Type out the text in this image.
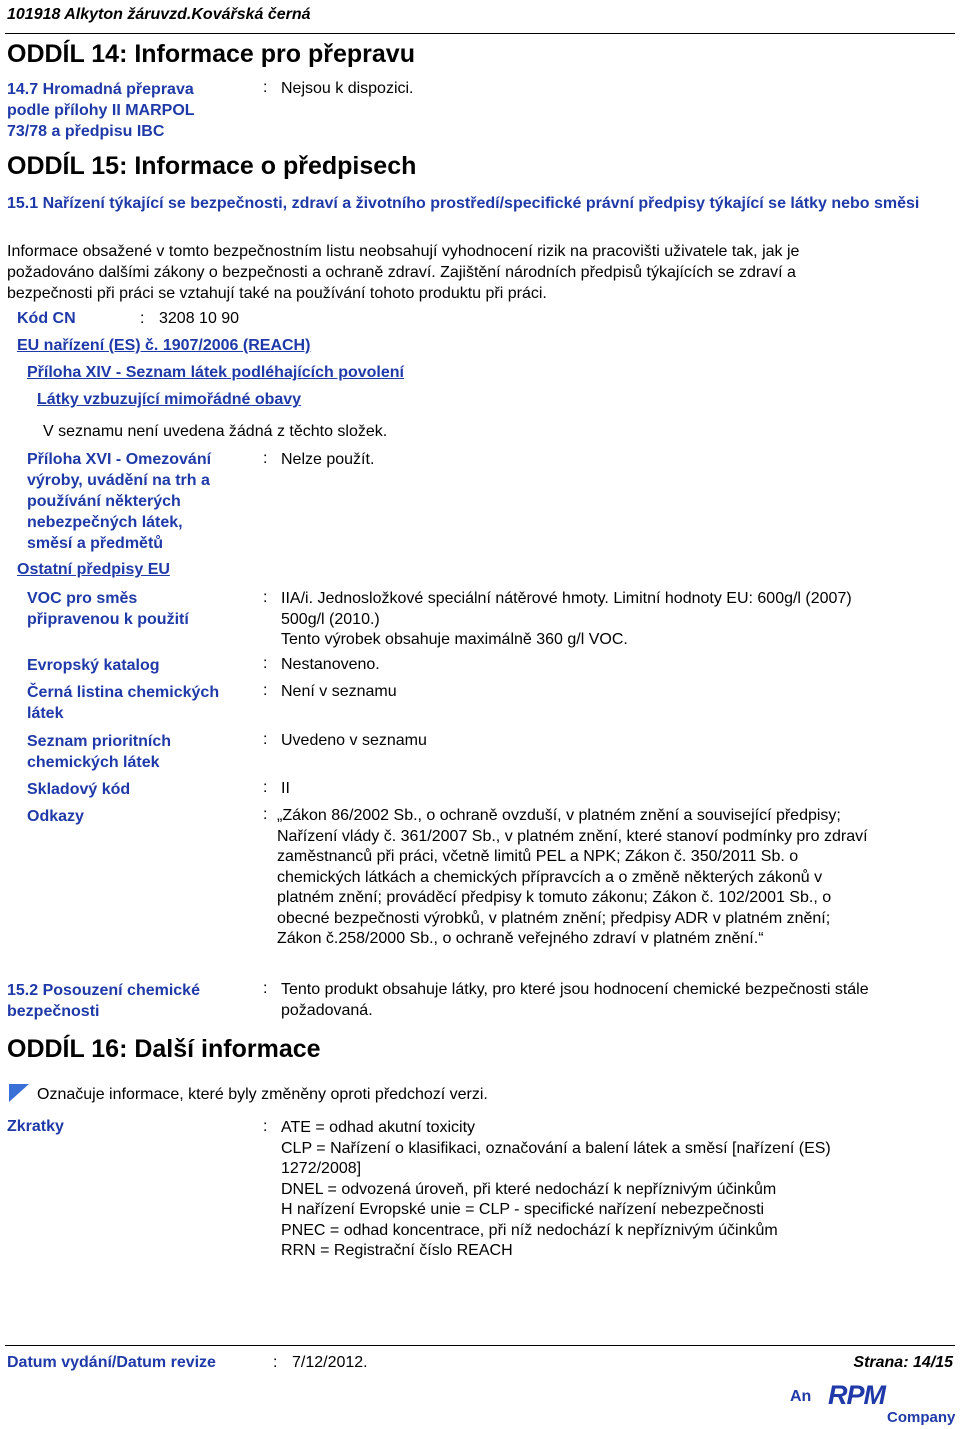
101918 Alkyton žáruvzd.Kovářská černá
ODDÍL 14: Informace pro přepravu
14.7 Hromadná přeprava
podle přílohy II MARPOL
73/78 a předpisu IBC
: Nejsou k dispozici.
ODDÍL 15: Informace o předpisech
15.1 Nařízení týkající se bezpečnosti, zdraví a životního prostředí/specifické právní předpisy týkající se látky nebo směsi
Informace obsažené v tomto bezpečnostním listu neobsahují vyhodnocení rizik na pracovišti uživatele tak, jak je
požadováno dalšími zákony o bezpečnosti a ochraně zdraví. Zajištění národních předpisů týkajících se zdraví a
bezpečnosti při práci se vztahují také na používání tohoto produktu při práci.
Kód CN	: 3208 10 90
EU nařízení (ES) č. 1907/2006 (REACH)
Příloha XIV - Seznam látek podléhajících povolení
Látky vzbuzující mimořádné obavy
V seznamu není uvedena žádná z těchto složek.
Příloha XVI - Omezování
výroby, uvádění na trh a
používání některých
nebezpečných látek,
směsí a předmětů
: Nelze použít.
Ostatní předpisy EU
VOC pro směs
připravenou k použití
: IIA/i. Jednosložkové speciální nátěrové hmoty. Limitní hodnoty EU: 600g/l (2007)
500g/l (2010.)
Tento výrobek obsahuje maximálně 360 g/l VOC.
Evropský katalog	: Nestanoveno.
Černá listina chemických
látek
: Není v seznamu
Seznam prioritních
chemických látek
: Uvedeno v seznamu
Skladový kód	: II
Odkazy	: „Zákon 86/2002 Sb., o ochraně ovzduší, v platném znění a související předpisy;
Nařízení vlády č. 361/2007 Sb., v platném znění, které stanoví podmínky pro zdraví
zaměstnanců při práci, včetně limitů PEL a NPK; Zákon č. 350/2011 Sb. o
chemických látkách a chemických přípravcích a o změně některých zákonů v
platném znění; prováděcí předpisy k tomuto zákonu; Zákon č. 102/2001 Sb., o
obecné bezpečnosti výrobků, v platném znění; předpisy ADR v platném znění;
Zákon č.258/2000 Sb., o ochraně veřejného zdraví v platném znění.“
15.2 Posouzení chemické
bezpečnosti
: Tento produkt obsahuje látky, pro které jsou hodnocení chemické bezpečnosti stále
požadovaná.
ODDÍL 16: Další informace
Označuje informace, které byly změněny oproti předchozí verzi.
Zkratky	: ATE = odhad akutní toxicity
CLP = Nařízení o klasifikaci, označování a balení látek a směsí [nařízení (ES)
1272/2008]
DNEL = odvozená úroveň, při které nedochází k nepříznivým účinkům
H nařízení Evropské unie = CLP - specifické nařízení nebezpečnosti
PNEC = odhad koncentrace, při níž nedochází k nepříznivým účinkům
RRN = Registrační číslo REACH
Datum vydání/Datum revize	: 7/12/2012.	Strana: 14/15
An RPM
Company
